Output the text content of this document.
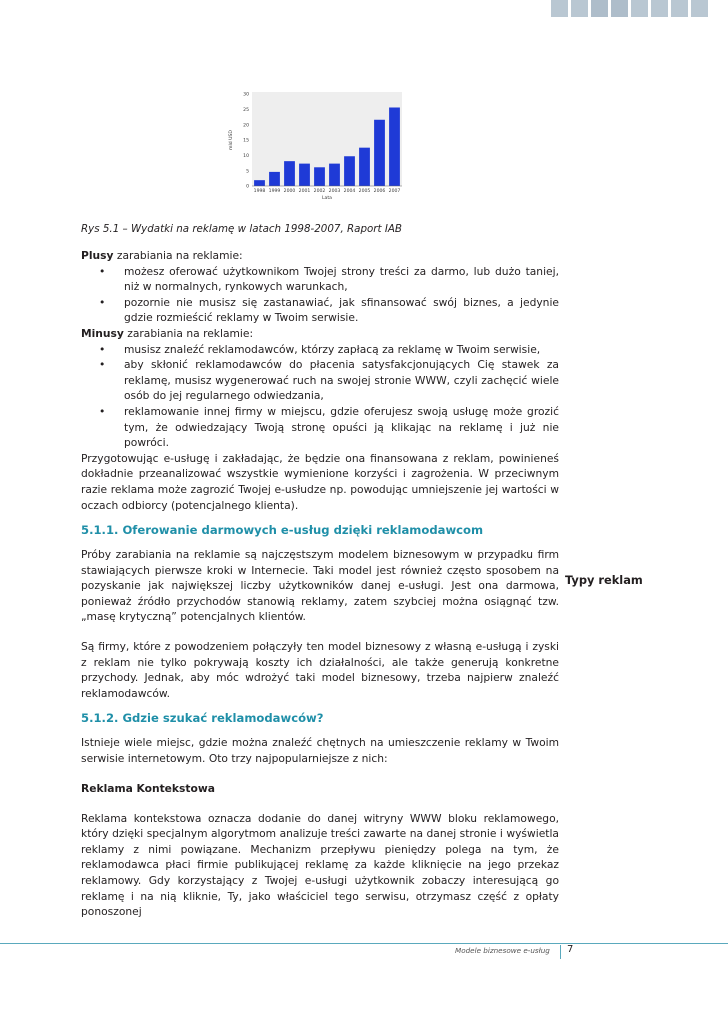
0
5
10
15
20
25
30
mld USD
1998 1999 2000 2001 2002 2003 2004 2005 2006 2007
Lata
Rys 5.1 – Wydatki na reklamę w latach 1998-2007, Raport IAB

Plusy zarabiania na reklamie:

• możesz oferować użytkownikom Twojej strony treści za darmo, lub dużo taniej, niż w normalnych, rynkowych warunkach,
• pozornie nie musisz się zastanawiać, jak sfinansować swój biznes, a jedynie gdzie rozmieścić reklamy w Twoim serwisie.

Minusy zarabiania na reklamie:

• musisz znaleźć reklamodawców, którzy zapłacą za reklamę w Twoim serwisie,
• aby skłonić reklamodawców do płacenia satysfakcjonujących Cię stawek za reklamę, musisz wygenerować ruch na swojej stronie WWW, czyli zachęcić wiele osób do jej regularnego odwiedzania,
• reklamowanie innej firmy w miejscu, gdzie oferujesz swoją usługę może grozić tym, że odwiedzający Twoją stronę opuści ją klikając na reklamę i już nie powróci.

Przygotowując e-usługę i zakładając, że będzie ona finansowana z reklam, powinieneś dokładnie przeanalizować wszystkie wymienione korzyści i zagrożenia. W przeciwnym razie reklama może zagrozić Twojej e-usłudze np. powodując umniejszenie jej wartości w oczach odbiorcy (potencjalnego klienta).

5.1.1. Oferowanie darmowych e-usług dzięki reklamodawcom

Próby zarabiania na reklamie są najczęstszym modelem biznesowym w przypadku firm stawiających pierwsze kroki w Internecie. Taki model jest również często sposobem na pozyskanie jak największej liczby użytkowników danej e-usługi. Jest ona darmowa, ponieważ źródło przychodów stanowią reklamy, zatem szybciej można osiągnąć tzw. „masę krytyczną” potencjalnych klientów.

Są firmy, które z powodzeniem połączyły ten model biznesowy z własną e-usługą i zyski z reklam nie tylko pokrywają koszty ich działalności, ale także generują konkretne przychody. Jednak, aby móc wdrożyć taki model biznesowy, trzeba najpierw znaleźć reklamodawców.

5.1.2. Gdzie szukać reklamodawców?

Istnieje wiele miejsc, gdzie można znaleźć chętnych na umieszczenie reklamy w Twoim serwisie internetowym. Oto trzy najpopularniejsze z nich:

Reklama Kontekstowa

Reklama kontekstowa oznacza dodanie do danej witryny WWW bloku reklamowego, który dzięki specjalnym algorytmom analizuje treści zawarte na danej stronie i wyświetla reklamy z nimi powiązane. Mechanizm przepływu pieniędzy polega na tym, że reklamodawca płaci firmie publikującej reklamę za każde kliknięcie na jego przekaz reklamowy. Gdy korzystający z Twojej e-usługi użytkownik zobaczy interesującą go reklamę i na nią kliknie, Ty, jako właściciel tego serwisu, otrzymasz część z opłaty ponoszonej

Typy reklam
Modele biznesowe e-usług 7
